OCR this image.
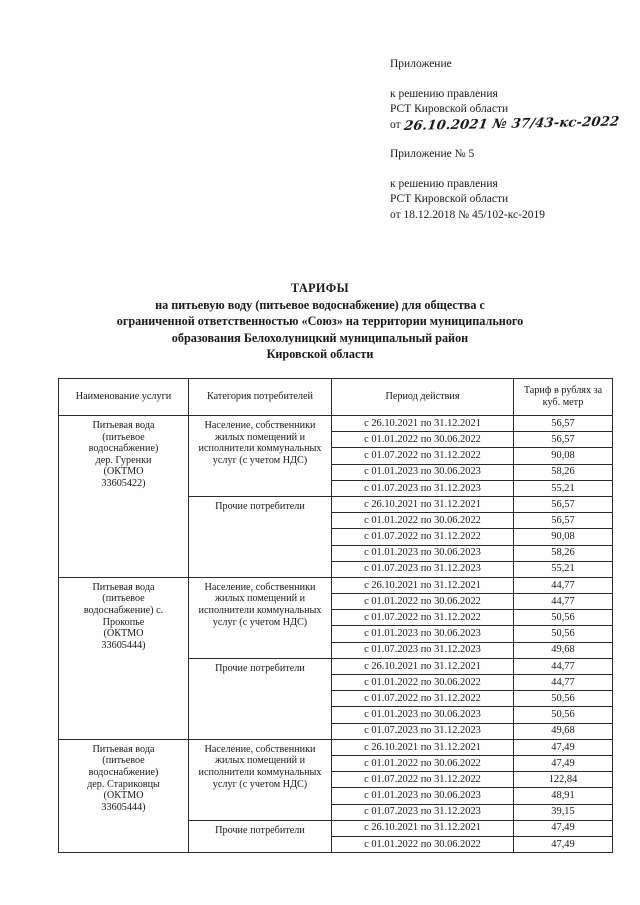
Приложение
к решению правления
РСТ Кировской области
от 26.10.2021 № 37/43-кс-2022
Приложение № 5
к решению правления
РСТ Кировской области
от 18.12.2018 № 45/102-кс-2019
ТАРИФЫ
на питьевую воду (питьевое водоснабжение) для общества с
ограниченной ответственностью «Союз» на территории муниципального
образования Белохолуницкий муниципальный район
Кировской области
Наименование услуги	Категория потребителей	Период действия	Тариф в рублях за куб. метр

Питьевая вода
(питьевое
водоснабжение)
дер. Гуренки
(ОКТМО
33605422)

Население, собственники
жилых помещений и
исполнители коммунальных
услуг (с учетом НДС)
	с 26.10.2021 по 31.12.2021	56,57
		с 01.01.2022 по 30.06.2022	56,57
		с 01.07.2022 по 31.12.2022	90,08
		с 01.01.2023 по 30.06.2023	58,26
		с 01.07.2023 по 31.12.2023	55,21

	Прочие потребители	с 26.10.2021 по 31.12.2021	56,57
		с 01.01.2022 по 30.06.2022	56,57
		с 01.07.2022 по 31.12.2022	90,08
		с 01.01.2023 по 30.06.2023	58,26
		с 01.07.2023 по 31.12.2023	55,21

Питьевая вода
(питьевое
водоснабжение) с.
Прокопье
(ОКТМО
33605444)

Население, собственники
жилых помещений и
исполнители коммунальных
услуг (с учетом НДС)
	с 26.10.2021 по 31.12.2021	44,77
		с 01.01.2022 по 30.06.2022	44,77
		с 01.07.2022 по 31.12.2022	50,56
		с 01.01.2023 по 30.06.2023	50,56
		с 01.07.2023 по 31.12.2023	49,68

	Прочие потребители	с 26.10.2021 по 31.12.2021	44,77
		с 01.01.2022 по 30.06.2022	44,77
		с 01.07.2022 по 31.12.2022	50,56
		с 01.01.2023 по 30.06.2023	50,56
		с 01.07.2023 по 31.12.2023	49,68

Питьевая вода
(питьевое
водоснабжение)
дер. Стариковцы
(ОКТМО
33605444)

Население, собственники
жилых помещений и
исполнители коммунальных
услуг (с учетом НДС)
	с 26.10.2021 по 31.12.2021	47,49
		с 01.01.2022 по 30.06.2022	47,49
		с 01.07.2022 по 31.12.2022	122,84
		с 01.01.2023 по 30.06.2023	48,91
		с 01.07.2023 по 31.12.2023	39,15

	Прочие потребители	с 26.10.2021 по 31.12.2021	47,49
		с 01.01.2022 по 30.06.2022	47,49
